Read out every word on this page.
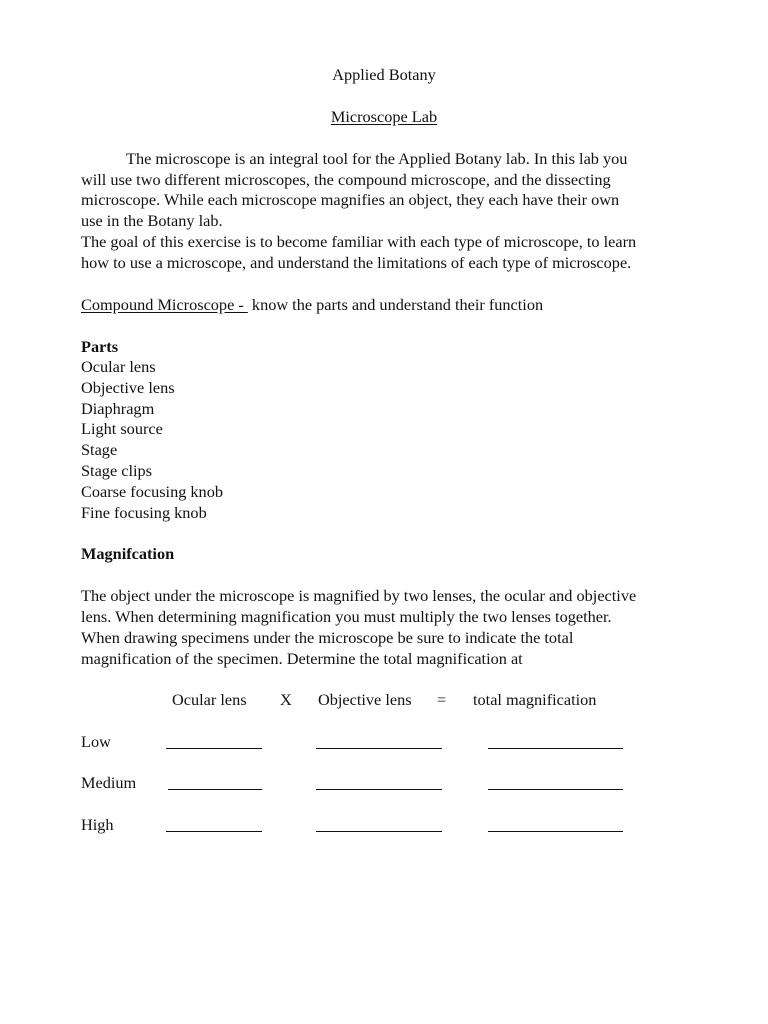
Applied Botany
Microscope Lab
The microscope is an integral tool for the Applied Botany lab. In this lab you
will use two different microscopes, the compound microscope, and the dissecting
microscope. While each microscope magnifies an object, they each have their own
use in the Botany lab.
The goal of this exercise is to become familiar with each type of microscope, to learn
how to use a microscope, and understand the limitations of each type of microscope.
Compound Microscope -  know the parts and understand their function
Parts
Ocular lens
Objective lens
Diaphragm
Light source
Stage
Stage clips
Coarse focusing knob
Fine focusing knob
Magnifcation
The object under the microscope is magnified by two lenses, the ocular and objective
lens. When determining magnification you must multiply the two lenses together.
When drawing specimens under the microscope be sure to indicate the total
magnification of the specimen. Determine the total magnification at
Ocular lens X Objective lens = total magnification
Low
Medium
High
